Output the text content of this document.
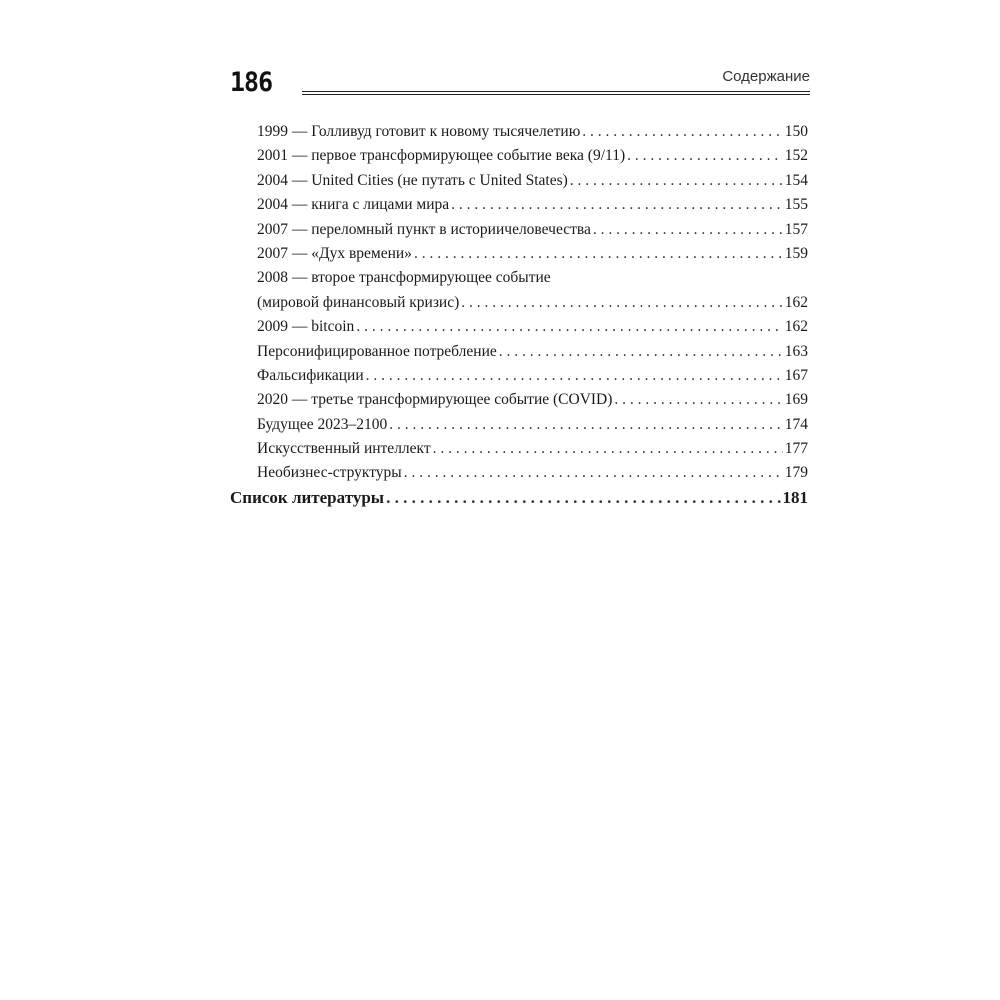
186	Содержание
1999 — Голливуд готовит к новому тысячелетию . . .	150
2001 — первое трансформирующее событие века (9/11) . . .	152
2004 — United Cities (не путать с United States) . . .	154
2004 — книга с лицами мира . . .	155
2007 — переломный пункт в историичеловечества . . .	157
2007 — «Дух времени» . . .	159
2008 — второе трансформирующее событие
(мировой финансовый кризис) . . .	162
2009 — bitcoin . . .	162
Персонифицированное потребление . . .	163
Фальсификации . . .	167
2020 — третье трансформирующее событие (COVID) . . .	169
Будущее 2023–2100 . . .	174
Искусственный интеллект . . .	177
Необизнес-структуры . . .	179
Список литературы . . .	181
